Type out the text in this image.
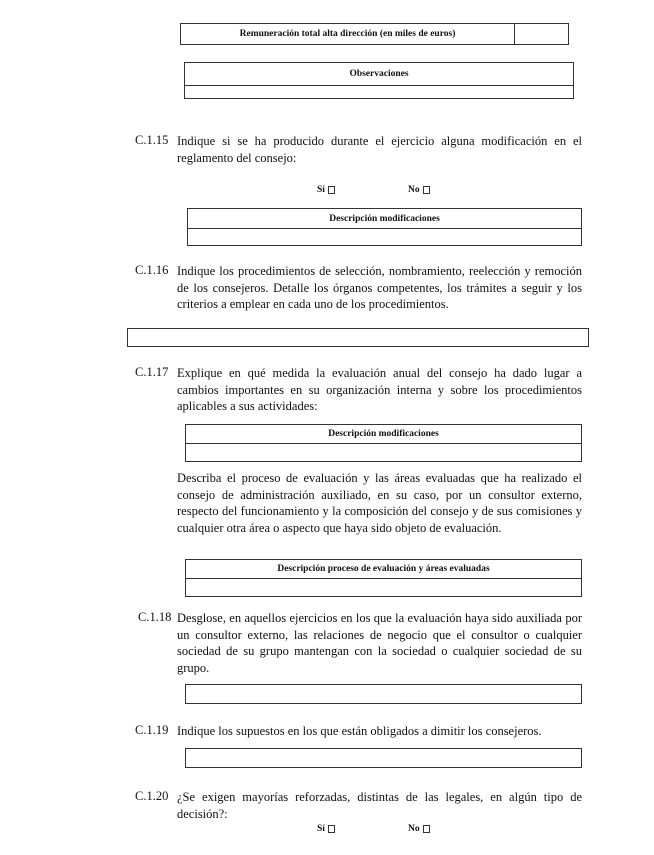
Remuneración total alta dirección (en miles de euros)
Observaciones
C.1.15 Indique si se ha producido durante el ejercicio alguna modificación en el reglamento del consejo:
Sí	No
Descripción modificaciones
C.1.16 Indique los procedimientos de selección, nombramiento, reelección y remoción de los consejeros. Detalle los órganos competentes, los trámites a seguir y los criterios a emplear en cada uno de los procedimientos.
C.1.17 Explique en qué medida la evaluación anual del consejo ha dado lugar a cambios importantes en su organización interna y sobre los procedimientos aplicables a sus actividades:
Descripción modificaciones
Describa el proceso de evaluación y las áreas evaluadas que ha realizado el consejo de administración auxiliado, en su caso, por un consultor externo, respecto del funcionamiento y la composición del consejo y de sus comisiones y cualquier otra área o aspecto que haya sido objeto de evaluación.
Descripción proceso de evaluación y áreas evaluadas
C.1.18 Desglose, en aquellos ejercicios en los que la evaluación haya sido auxiliada por un consultor externo, las relaciones de negocio que el consultor o cualquier sociedad de su grupo mantengan con la sociedad o cualquier sociedad de su grupo.
C.1.19 Indique los supuestos en los que están obligados a dimitir los consejeros.
C.1.20 ¿Se exigen mayorías reforzadas, distintas de las legales, en algún tipo de decisión?:
Sí	No
